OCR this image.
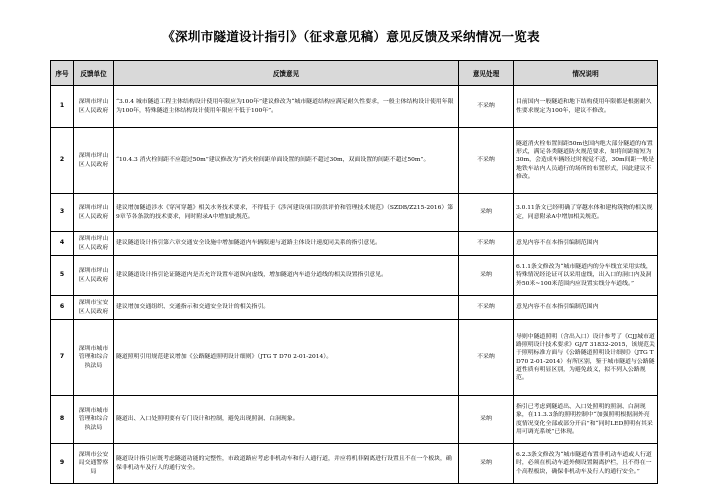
《深圳市隧道设计指引》（征求意见稿）意见反馈及采纳情况一览表
序号	反馈单位	反馈意见	意见处理	情况说明
1	深圳市坪山区人民政府	“3.0.4 城市隧道工程主体结构设计使用年限应为100年”建议修改为“城市隧道结构应满足耐久性要求，一般主体结构设计使用年限为100年，特殊隧道主体结构设计使用年限应不低于100年”。	不采纳	目前国内一般隧道和地下结构使用年限都是根据耐久性要求规定为100年，建议不修改。
2	深圳市坪山区人民政府	“10.4.3 消火栓间距不应超过50m”建议修改为“消火栓间距单面设置的间距不超过30m，双面设置的间距不超过50m”。	不采纳	隧道消火栓布置间距50m也国内绝大部分隧道的布置形式，满足各类隧道防火规范要求，如将间距缩短为30m，会造成车辆经过时视觉不适，30m间距一般是地铁车站内人员通行的场所的布置形式，因此建议不修改。
3	深圳市坪山区人民政府	建议增加隧道涉水《穿河穿越》相关水务技术要求，不得低于《涉河建设项目防洪评价和管理技术规范》（SZDB/Z215-2016）第9章节各条款的技术要求，同时附录A中增加此规范。	采纳	3.0.11条文已经明确了穿越水体和建构筑物的相关规定，同意附录A中增加相关规范。
4	深圳市坪山区人民政府	建议隧道设计指引第六章交通安全设施中增加隧道内车辆限速与道路主体设计速度同关系的指引意见。	不采纳	意见内容不在本指引编制范围内
5	深圳市坪山区人民政府	建议隧道设计指引论证隧道内是否允许设置车道纵向虚线，增加隧道内车道分道线的相关设置指引意见。	采纳	6.1.1条文修改为“城市隧道内的分车线宜采用实线，特殊情况经论证可以采用虚线，出入口的洞口内及洞外50米~100米范围内应设置实线分车道线。”
6	深圳市宝安区人民政府	建议增加交通组织、交通指示和交通安全设计的相关指引。	不采纳	意见内容不在本指引编制范围内
7	深圳市城市管理和综合执法局	隧道照明引用规范建议增加《公路隧道照明设计细则》（JTG T D70 2-01-2014）。	不采纳	导则中隧道照明（含出入口）设计参考了《CJJ城市道路照明设计技术要求》GJ/T 31832-2015，该规范关于照明标准方面与《公路隧道照明设计细则》（JTG T D70 2-01-2014）有所区别，鉴于城市隧道与公路隧道性质有明显区别，为避免歧义，拟不列入公路规范。
8	深圳市城市管理和综合执法局	隧道出、入口处照明要有专门设计和控制，避免出现照洞、白洞现象。	采纳	指引已考虑到隧道出、入口处照明的照洞、白洞现象，在11.3.3条的照明控制中“加强照明根据洞外亮度情况变化全部或部分开启”和“同时LED照明有其采用可调光系统”已体现。
9	深圳市公安局交通警察局	隧道设计指引应既考虑隧道功能的完整性，市政道路应考虑非机动车和行人通行道，并应将机非隔离进行设置且不在一个板块，确保非机动车及行人的通行安全。	采纳	6.2.3条文修改为“城市隧道布置非机动车道或人行道时，必须在机动车道外侧设置隔离护栏，且不得在一个高程板块，确保非机动车及行人的通行安全。”
